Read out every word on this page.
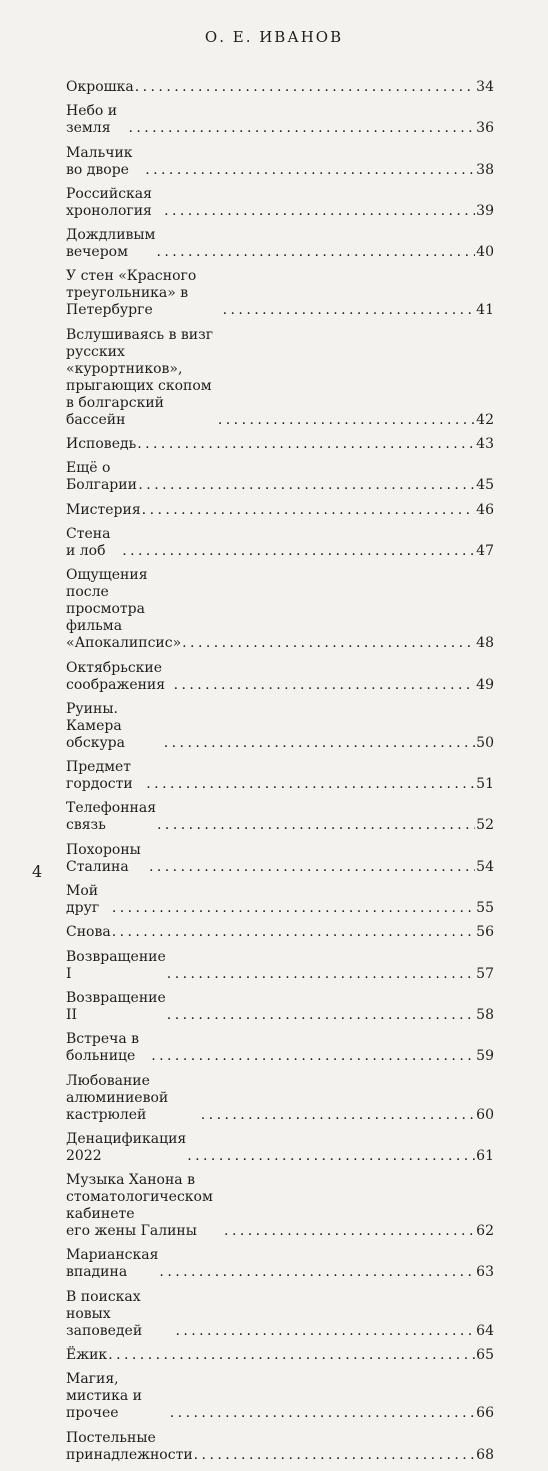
О. Е. ИВАНОВ
Окрошка . . .	34
Небо и земля . . .	36
Мальчик во дворе . . .	38
Российская хронология . . .	39
Дождливым вечером . . .	40
У стен «Красного треугольника» в Петербурге . . .	41
Вслушиваясь в визг русских «курортников»,
прыгающих скопом в болгарский бассейн . . .	42
Исповедь . . .	43
Ещё о Болгарии . . .	45
Мистерия . . .	46
Стена и лоб . . .	47
Ощущения после просмотра
фильма «Апокалипсис» . . .	48
Октябрьские соображения . . .	49
Руины. Камера обскура . . .	50
Предмет гордости . . .	51
Телефонная связь . . .	52
Похороны Сталина . . .	54
Мой друг . . .	55
Снова . . .	56
Возвращение I . . .	57
Возвращение II . . .	58
Встреча в больнице . . .	59
Любование алюминиевой кастрюлей . . .	60
Денацификация 2022 . . .	61
Музыка Ханона в стоматологическом кабинете
его жены Галины . . .	62
Марианская впадина . . .	63
В поисках новых заповедей . . .	64
Ёжик . . .	65
Магия, мистика и прочее . . .	66
Постельные принадлежности . . .	68
4
